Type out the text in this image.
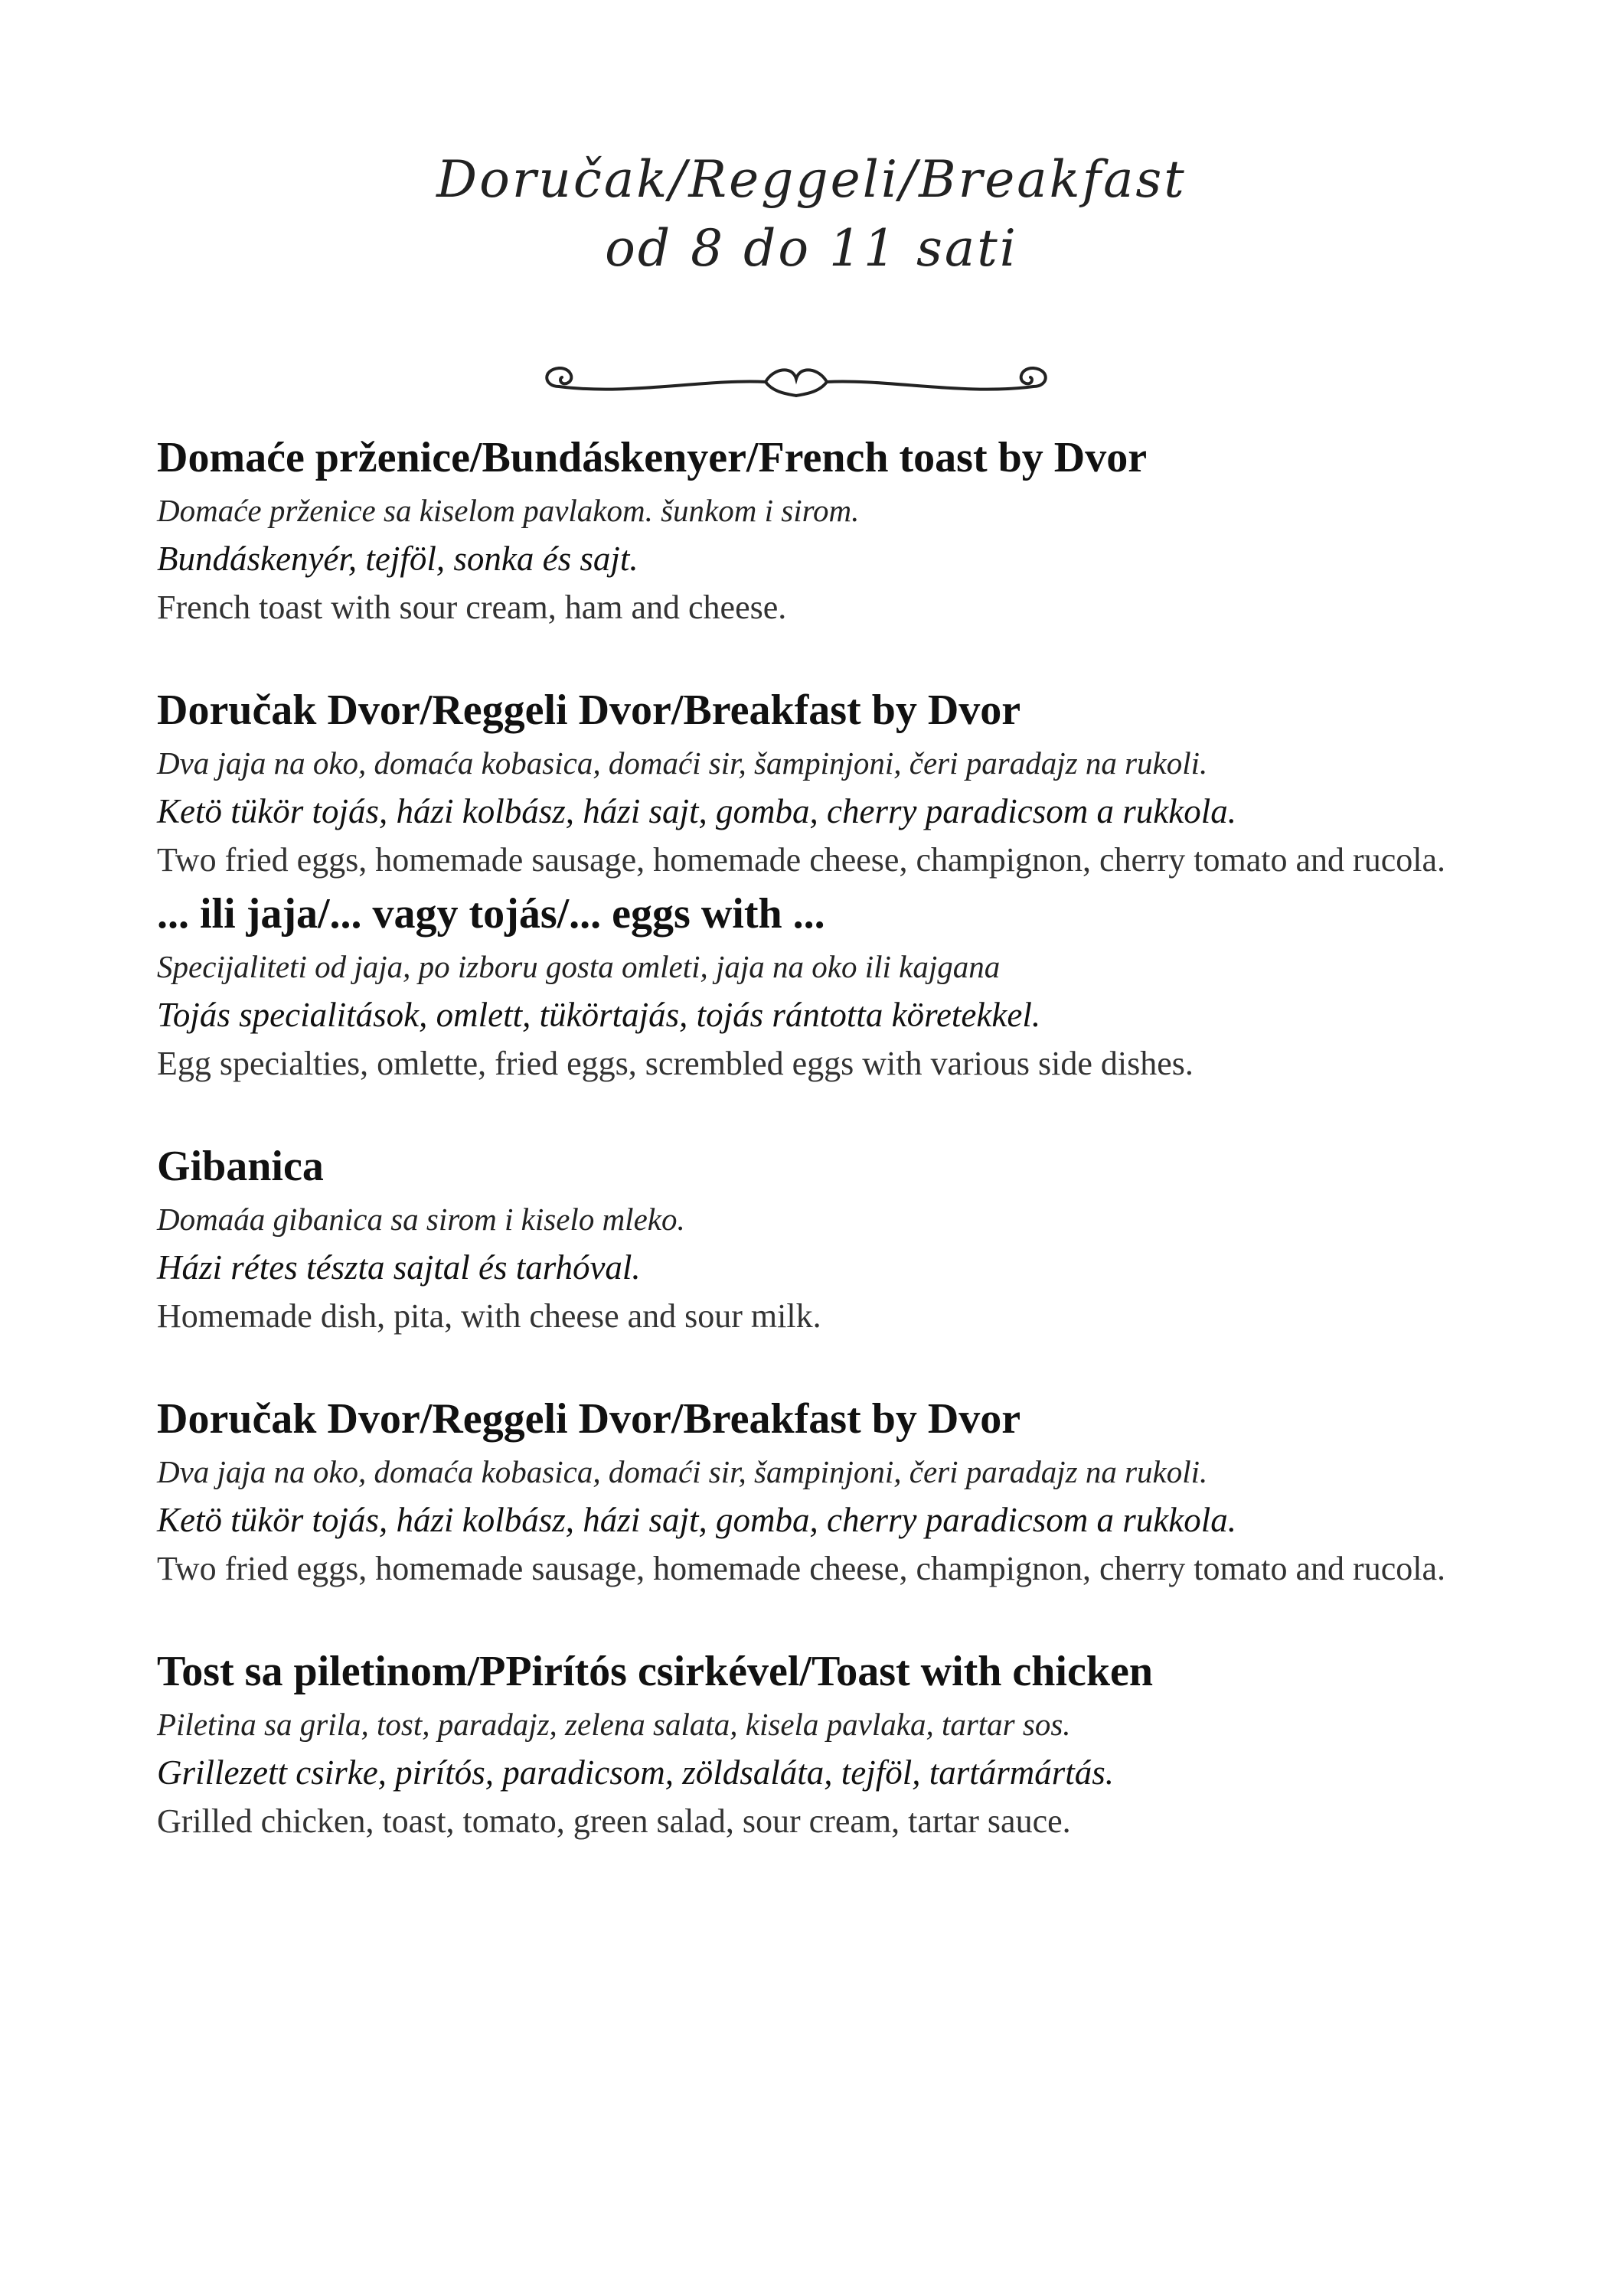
Doručak/Reggeli/Breakfast
od 8 do 11 sati
Domaće prženice/Bundáskenyer/French toast by Dvor
Domaće prženice sa kiselom pavlakom. šunkom i sirom.
Bundáskenyér, tejföl, sonka és sajt.
French toast with sour cream, ham and cheese.
Doručak Dvor/Reggeli Dvor/Breakfast by Dvor
Dva jaja na oko, domaća kobasica, domaći sir, šampinjoni, čeri paradajz na rukoli.
Ketö tükör tojás, házi kolbász, házi sajt, gomba, cherry paradicsom a rukkola.
Two fried eggs, homemade sausage, homemade cheese, champignon, cherry tomato and rucola.
... ili jaja/... vagy tojás/... eggs with ...
Specijaliteti od jaja, po izboru gosta omleti, jaja na oko ili kajgana
Tojás specialitások, omlett, tükörtajás, tojás rántotta köretekkel.
Egg specialties, omlette, fried eggs, scrembled eggs with various side dishes.
Gibanica
Domaáa gibanica sa sirom i kiselo mleko.
Házi rétes tészta sajtal és tarhóval.
Homemade dish, pita, with cheese and sour milk.
Doručak Dvor/Reggeli Dvor/Breakfast by Dvor
Dva jaja na oko, domaća kobasica, domaći sir, šampinjoni, čeri paradajz na rukoli.
Ketö tükör tojás, házi kolbász, házi sajt, gomba, cherry paradicsom a rukkola.
Two fried eggs, homemade sausage, homemade cheese, champignon, cherry tomato and rucola.
Tost sa piletinom/PPirítós csirkével/Toast with chicken
Piletina sa grila, tost, paradajz, zelena salata, kisela pavlaka, tartar sos.
Grillezett csirke, pirítós, paradicsom, zöldsaláta, tejföl, tartármártás.
Grilled chicken, toast, tomato, green salad, sour cream, tartar sauce.
